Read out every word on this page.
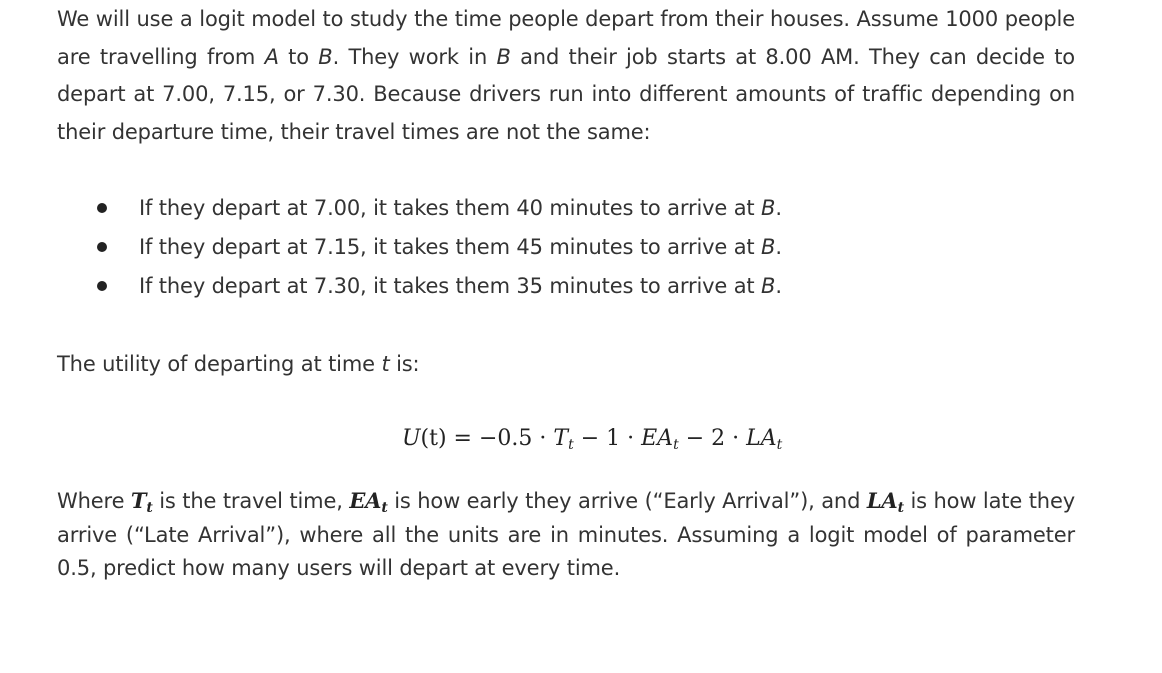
We will use a logit model to study the time people depart from their houses. Assume 1000 people are travelling from A to B. They work in B and their job starts at 8.00 AM. They can decide to depart at 7.00, 7.15, or 7.30. Because drivers run into different amounts of traffic depending on their departure time, their travel times are not the same:

If they depart at 7.00, it takes them 40 minutes to arrive at B.
If they depart at 7.15, it takes them 45 minutes to arrive at B.
If they depart at 7.30, it takes them 35 minutes to arrive at B.

The utility of departing at time t is:

$U(t) = -0.5 \cdot T_t - 1 \cdot EA_t - 2 \cdot LA_t$

Where $T_t$ is the travel time, $EA_t$ is how early they arrive (“Early Arrival”), and $LA_t$ is how late they arrive (“Late Arrival”), where all the units are in minutes. Assuming a logit model of parameter 0.5, predict how many users will depart at every time.
